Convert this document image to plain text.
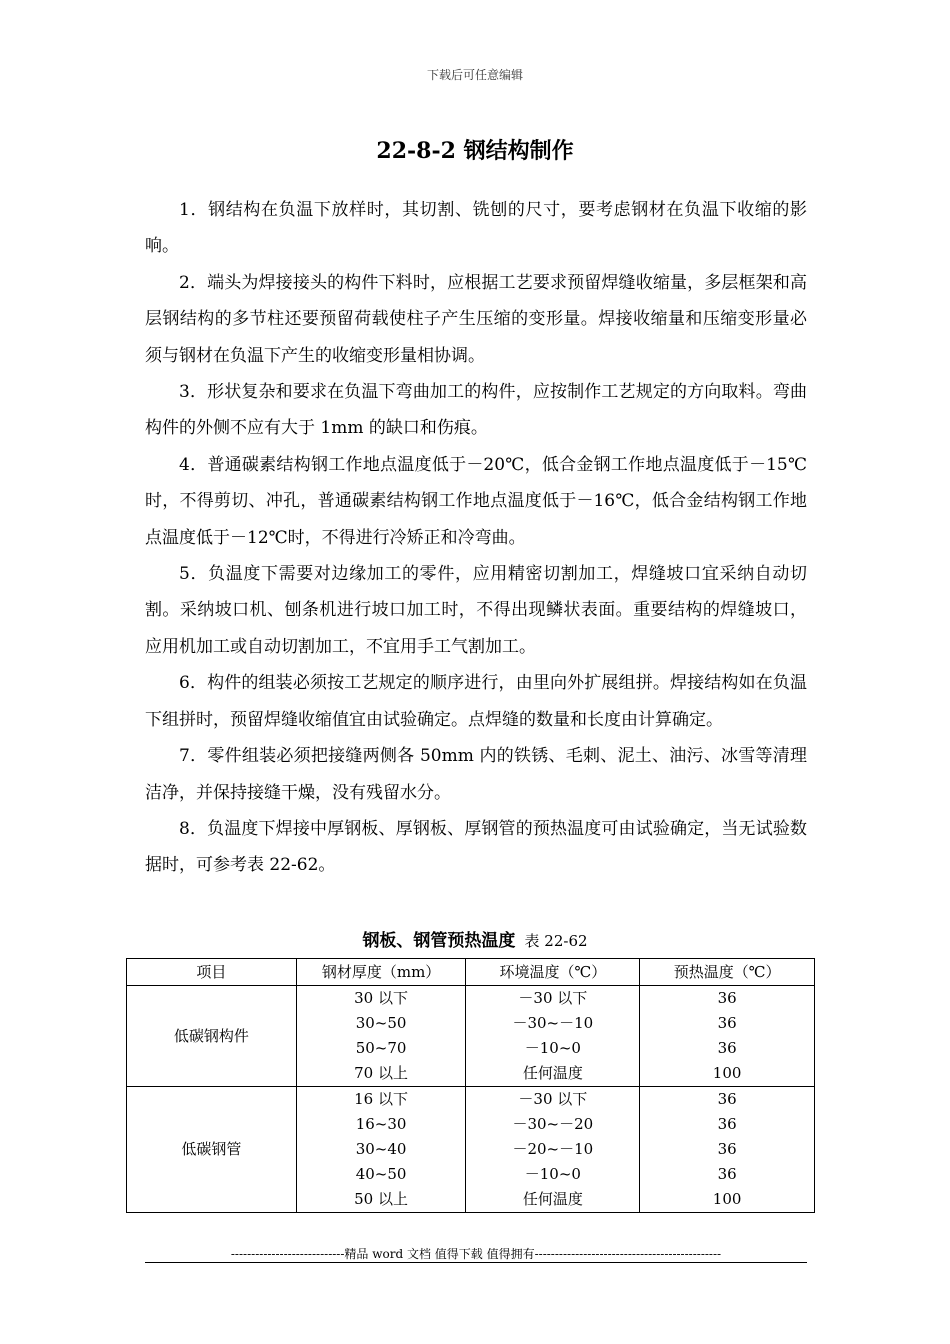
下载后可任意编辑
22-8-2 钢结构制作

1．钢结构在负温下放样时，其切割、铣刨的尺寸，要考虑钢材在负温下收缩的影响。

2．端头为焊接接头的构件下料时，应根据工艺要求预留焊缝收缩量，多层框架和高层钢结构的多节柱还要预留荷载使柱子产生压缩的变形量。焊接收缩量和压缩变形量必须与钢材在负温下产生的收缩变形量相协调。

3．形状复杂和要求在负温下弯曲加工的构件，应按制作工艺规定的方向取料。弯曲构件的外侧不应有大于 1mm 的缺口和伤痕。

4．普通碳素结构钢工作地点温度低于－20℃，低合金钢工作地点温度低于－15℃时，不得剪切、冲孔，普通碳素结构钢工作地点温度低于－16℃，低合金结构钢工作地点温度低于－12℃时，不得进行冷矫正和冷弯曲。

5．负温度下需要对边缘加工的零件，应用精密切割加工，焊缝坡口宜采纳自动切割。采纳坡口机、刨条机进行坡口加工时，不得出现鳞状表面。重要结构的焊缝坡口，应用机加工或自动切割加工，不宜用手工气割加工。

6．构件的组装必须按工艺规定的顺序进行，由里向外扩展组拼。焊接结构如在负温下组拼时，预留焊缝收缩值宜由试验确定。点焊缝的数量和长度由计算确定。

7．零件组装必须把接缝两侧各 50mm 内的铁锈、毛刺、泥土、油污、冰雪等清理洁净，并保持接缝干燥，没有残留水分。

8．负温度下焊接中厚钢板、厚钢板、厚钢管的预热温度可由试验确定，当无试验数据时，可参考表 22-62。

钢板、钢管预热温度 表 22-62
项目	钢材厚度（mm）	环境温度（℃）	预热温度（℃）
低碳钢构件	30 以下	－30 以下	36
	30~50	－30~－10	36
	50~70	－10~0	36
	70 以上	任何温度	100
低碳钢管	16 以下	－30 以下	36
	16~30	－30~－20	36
	30~40	－20~－10	36
	40~50	－10~0	36
	50 以上	任何温度	100
----------------------------精品 word 文档 值得下载 值得拥有----------------------------------------------
